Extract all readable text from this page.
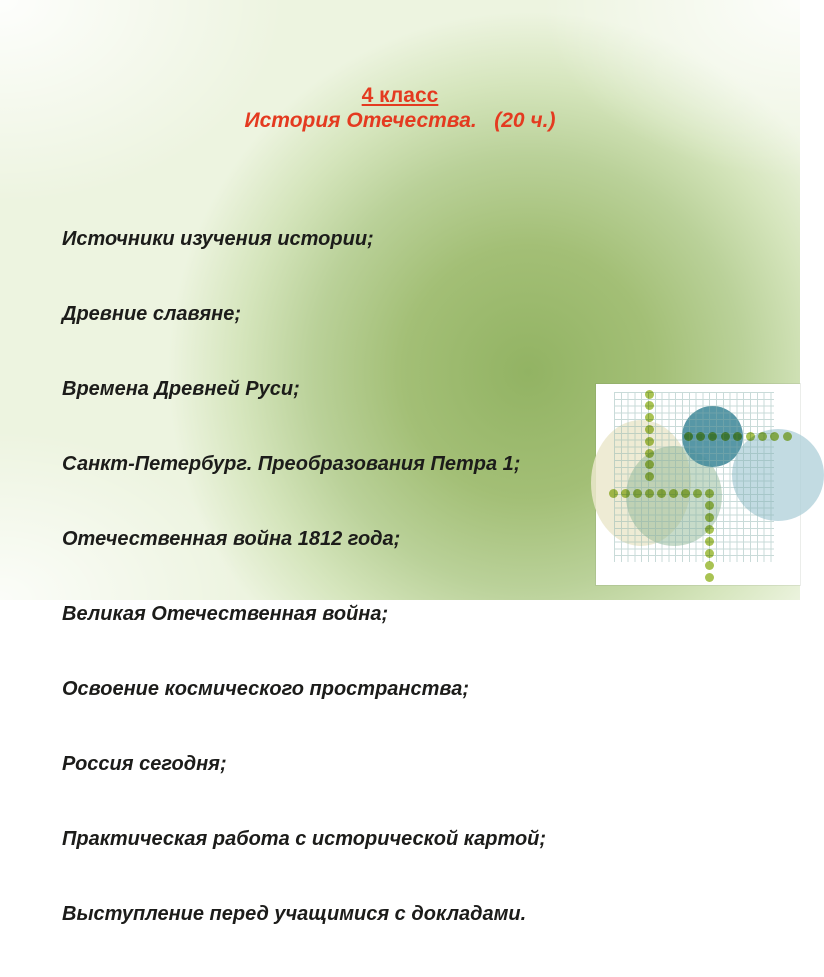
4 класс
История Отечества.   (20 ч.)

Источники изучения истории;

Древние славяне;

Времена Древней Руси;

Санкт-Петербург. Преобразования Петра 1;

Отечественная война 1812 года;

Великая Отечественная война;

Освоение космического пространства;

Россия сегодня;

Практическая работа с исторической картой;

Выступление перед учащимися с докладами.
